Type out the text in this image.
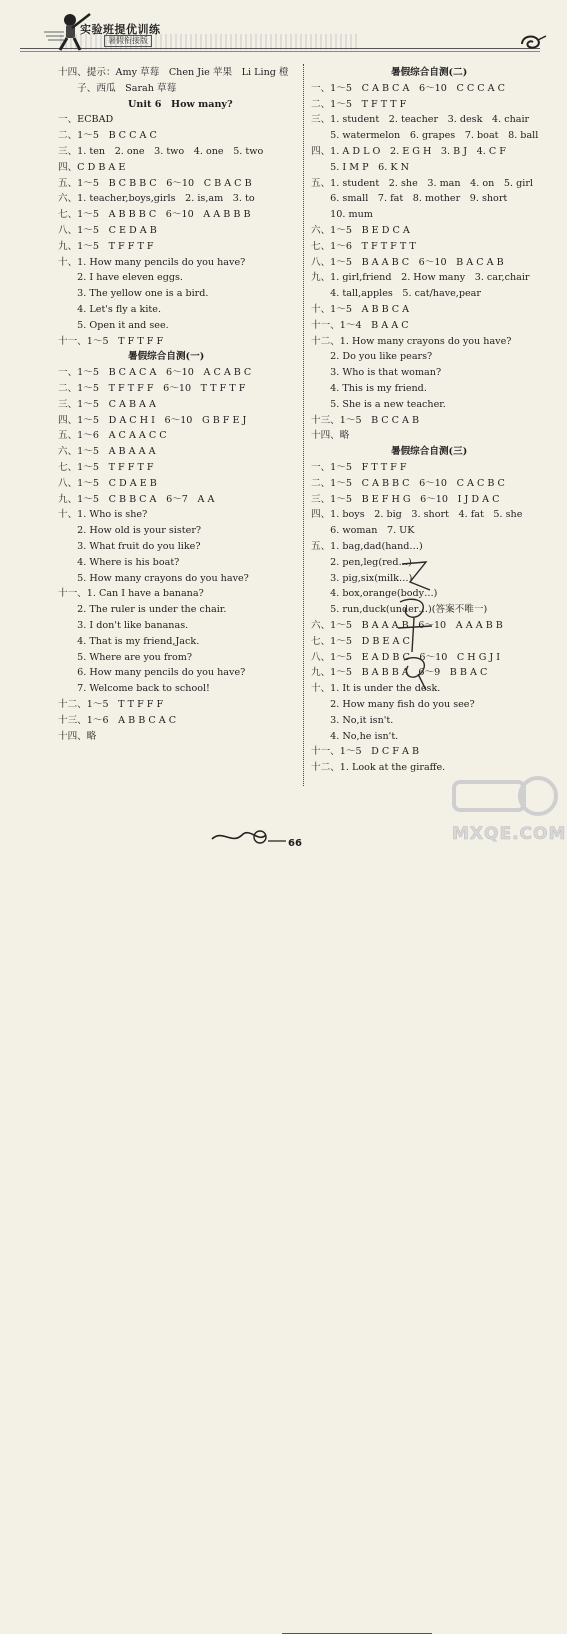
实验班提优训练
暑假衔接版
十四、提示：Amy 草莓　Chen Jie 苹果　Li Ling 橙
　　子、西瓜　Sarah 草莓
Unit 6　How many?
一、ECBAD
二、1～5　B C C A C
三、1. ten　2. one　3. two　4. one　5. two
四、C D B A E
五、1～5　B C B B C　6～10　C B A C B
六、1. teacher,boys,girls　2. is,am　3. to
七、1～5　A B B B C　6～10　A A B B B
八、1～5　C E D A B
九、1～5　T F F T F
十、1. How many pencils do you have?
　　2. I have eleven eggs.
　　3. The yellow one is a bird.
　　4. Let's fly a kite.
　　5. Open it and see.
十一、1～5　T F T F F
暑假综合自测(一)
一、1～5　B C A C A　6～10　A C A B C
二、1～5　T F T F F　6～10　T T F T F
三、1～5　C A B A A
四、1～5　D A C H I　6～10　G B F E J
五、1～6　A C A A C C
六、1～5　A B A A A
七、1～5　T F F T F
八、1～5　C D A E B
九、1～5　C B B C A　6～7　A A
十、1. Who is she?
　　2. How old is your sister?
　　3. What fruit do you like?
　　4. Where is his boat?
　　5. How many crayons do you have?
十一、1. Can I have a banana?
　　2. The ruler is under the chair.
　　3. I don't like bananas.
　　4. That is my friend,Jack.
　　5. Where are you from?
　　6. How many pencils do you have?
　　7. Welcome back to school!
十二、1～5　T T F F F
十三、1～6　A B B C A C
十四、略
暑假综合自测(二)
一、1～5　C A B C A　6～10　C C C A C
二、1～5　T F T T F
三、1. student　2. teacher　3. desk　4. chair
　　5. watermelon　6. grapes　7. boat　8. ball
四、1. A D L O　2. E G H　3. B J　4. C F
　　5. I M P　6. K N
五、1. student　2. she　3. man　4. on　5. girl
　　6. small　7. fat　8. mother　9. short
　　10. mum
六、1～5　B E D C A
七、1～6　T F T F T T
八、1～5　B A A B C　6～10　B A C A B
九、1. girl,friend　2. How many　3. car,chair
　　4. tall,apples　5. cat/have,pear
十、1～5　A B B C A
十一、1～4　B A A C
十二、1. How many crayons do you have?
　　2. Do you like pears?
　　3. Who is that woman?
　　4. This is my friend.
　　5. She is a new teacher.
十三、1～5　B C C A B
十四、略
暑假综合自测(三)
一、1～5　F T T F F
二、1～5　C A B B C　6～10　C A C B C
三、1～5　B E F H G　6～10　I J D A C
四、1. boys　2. big　3. short　4. fat　5. she
　　6. woman　7. UK
五、1. bag,dad(hand…)
　　2. pen,leg(red…)
　　3. pig,six(milk…)
　　4. box,orange(body…)
　　5. run,duck(under…)(答案不唯一)
六、1～5　B A A A B　6～10　A A A B B
七、1～5　D B E A C
八、1～5　E A D B C　6～10　C H G J I
九、1～5　B A B B A　6～9　B B A C
十、1. It is under the desk.
　　2. How many fish do you see?
　　3. No,it isn't.
　　4. No,he isn't.
十一、1～5　D C F A B
十二、1. Look at the giraffe.
66	MXQE.COM
